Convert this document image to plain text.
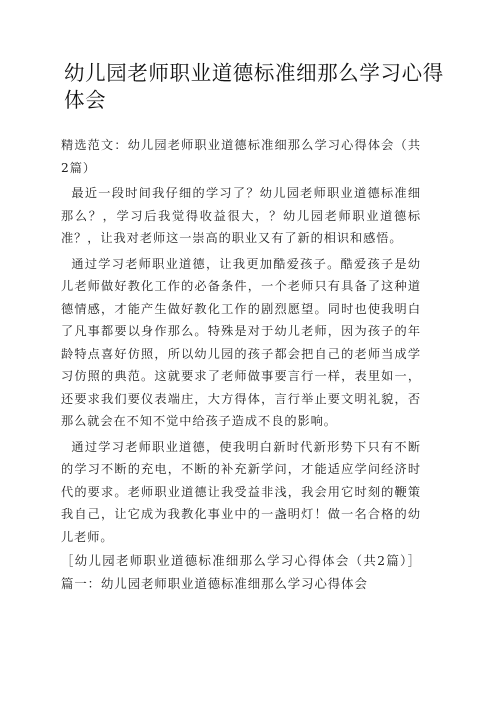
幼儿园老师职业道德标准细那么学习心得体会

精选范文：幼儿园老师职业道德标准细那么学习心得体会（共2篇）

最近一段时间我仔细的学习了？幼儿园老师职业道德标准细那么？，学习后我觉得收益很大，？幼儿园老师职业道德标准？，让我对老师这一崇高的职业又有了新的相识和感悟。

通过学习老师职业道德，让我更加酷爱孩子。酷爱孩子是幼儿老师做好教化工作的必备条件，一个老师只有具备了这种道德情感，才能产生做好教化工作的剧烈愿望。同时也使我明白了凡事都要以身作那么。特殊是对于幼儿老师，因为孩子的年龄特点喜好仿照，所以幼儿园的孩子都会把自己的老师当成学习仿照的典范。这就要求了老师做事要言行一样，表里如一，还要求我们要仪表端庄，大方得体，言行举止要文明礼貌，否那么就会在不知不觉中给孩子造成不良的影响。

通过学习老师职业道德，使我明白新时代新形势下只有不断的学习不断的充电，不断的补充新学问，才能适应学问经济时代的要求。老师职业道德让我受益非浅，我会用它时刻的鞭策我自己，让它成为我教化事业中的一盏明灯！做一名合格的幼儿老师。

［幼儿园老师职业道德标准细那么学习心得体会（共2篇）］篇一：幼儿园老师职业道德标准细那么学习心得体会
